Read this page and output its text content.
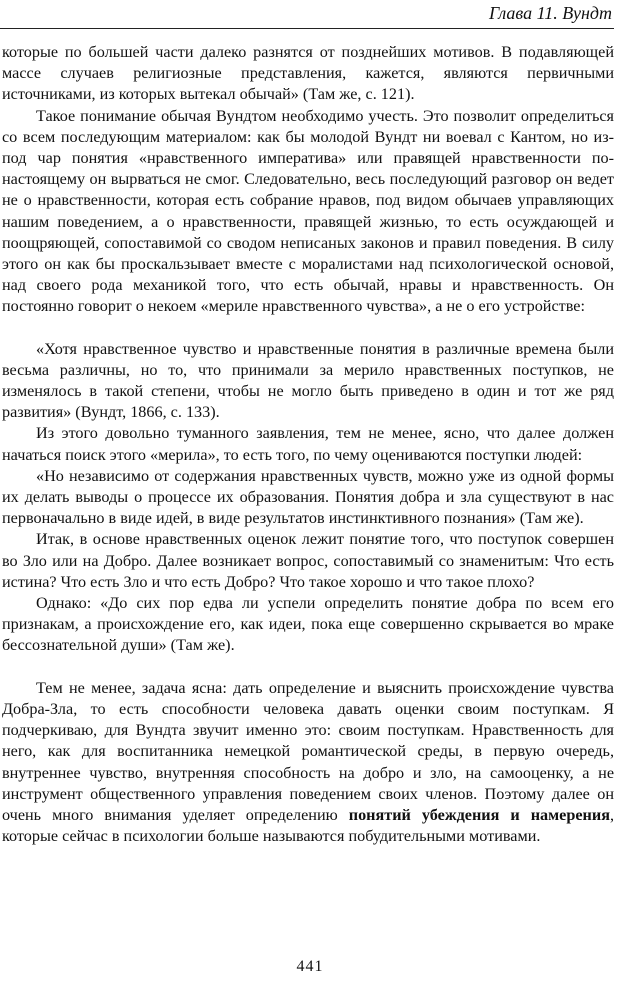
Глава 11. Вундт

которые по большей части далеко разнятся от позднейших мотивов. В подавляющей массе случаев религиозные представления, кажется, являются первичными источниками, из которых вытекал обычай» (Там же, с. 121).

Такое понимание обычая Вундтом необходимо учесть. Это позволит определиться со всем последующим материалом: как бы молодой Вундт ни воевал с Кантом, но из-под чар понятия «нравственного императива» или правящей нравственности по-настоящему он вырваться не смог. Следовательно, весь последующий разговор он ведет не о нравственности, которая есть собрание нравов, под видом обычаев управляющих нашим поведением, а о нравственности, правящей жизнью, то есть осуждающей и поощряющей, сопоставимой со сводом неписаных законов и правил поведения. В силу этого он как бы проскальзывает вместе с моралистами над психологической основой, над своего рода механикой того, что есть обычай, нравы и нравственность. Он постоянно говорит о некоем «мериле нравственного чувства», а не о его устройстве:

«Хотя нравственное чувство и нравственные понятия в различные времена были весьма различны, но то, что принимали за мерило нравственных поступков, не изменялось в такой степени, чтобы не могло быть приведено в один и тот же ряд развития» (Вундт, 1866, с. 133).

Из этого довольно туманного заявления, тем не менее, ясно, что далее должен начаться поиск этого «мерила», то есть того, по чему оцениваются поступки людей:

«Но независимо от содержания нравственных чувств, можно уже из одной формы их делать выводы о процессе их образования. Понятия добра и зла существуют в нас первоначально в виде идей, в виде результатов инстинктивного познания» (Там же).

Итак, в основе нравственных оценок лежит понятие того, что поступок совершен во Зло или на Добро. Далее возникает вопрос, сопоставимый со знаменитым: Что есть истина? Что есть Зло и что есть Добро? Что такое хорошо и что такое плохо?

Однако: «До сих пор едва ли успели определить понятие добра по всем его признакам, а происхождение его, как идеи, пока еще совершенно скрывается во мраке бессознательной души» (Там же).

Тем не менее, задача ясна: дать определение и выяснить происхождение чувства Добра-Зла, то есть способности человека давать оценки своим поступкам. Я подчеркиваю, для Вундта звучит именно это: своим поступкам. Нравственность для него, как для воспитанника немецкой романтической среды, в первую очередь, внутреннее чувство, внутренняя способность на добро и зло, на самооценку, а не инструмент общественного управления поведением своих членов. Поэтому далее он очень много внимания уделяет определению понятий убеждения и намерения, которые сейчас в психологии больше называются побудительными мотивами.

441
